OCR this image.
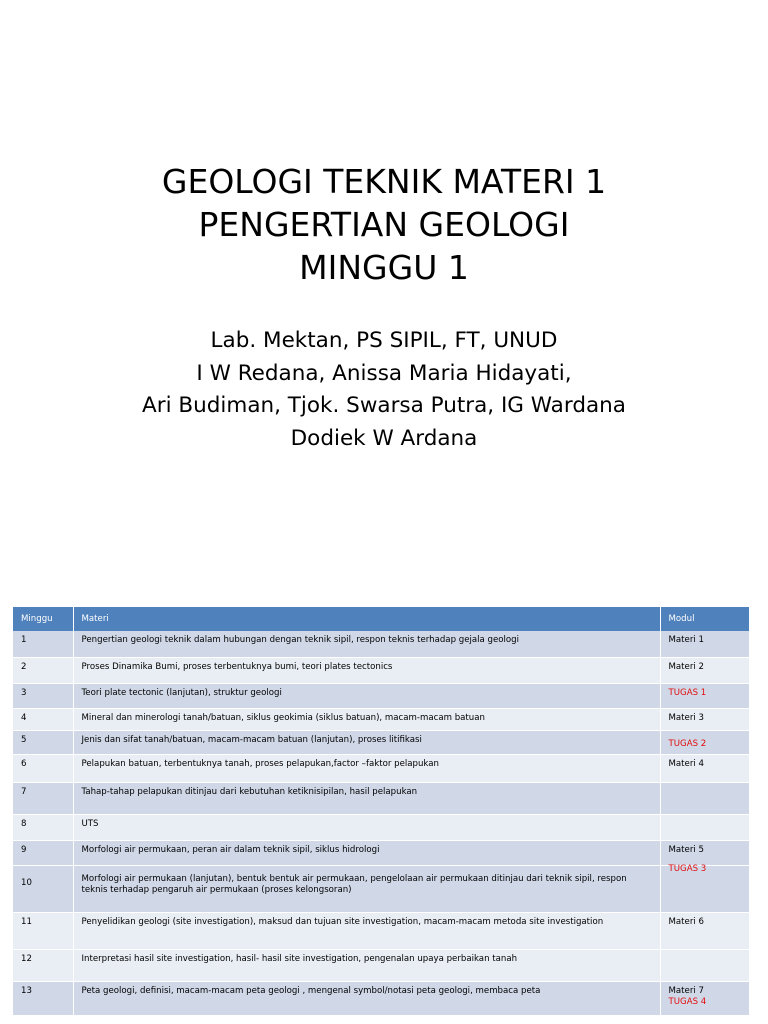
GEOLOGI TEKNIK MATERI 1
PENGERTIAN GEOLOGI
MINGGU 1
Lab. Mektan, PS SIPIL, FT, UNUD
I W Redana, Anissa Maria Hidayati,
Ari Budiman, Tjok. Swarsa Putra, IG Wardana
Dodiek W Ardana
Minggu	Materi	Modul
1	Pengertian geologi teknik dalam hubungan dengan teknik sipil, respon teknis terhadap gejala geologi	Materi 1
2	Proses Dinamika Bumi, proses terbentuknya bumi, teori plates tectonics	Materi 2
3	Teori plate tectonic (lanjutan), struktur geologi	TUGAS 1

4	Mineral dan minerologi tanah/batuan, siklus geokimia (siklus batuan), macam-macam batuan	Materi 3
5	Jenis dan sifat tanah/batuan, macam-macam batuan (lanjutan), proses litifikasi	TUGAS 2

6	Pelapukan batuan, terbentuknya tanah, proses pelapukan,factor –faktor pelapukan	Materi 4
7	Tahap-tahap pelapukan ditinjau dari kebutuhan ketiknisipilan, hasil pelapukan	
8	UTS	
9	Morfologi air permukaan, peran air dalam teknik sipil, siklus hidrologi	Materi 5
10	Morfologi air permukaan (lanjutan), bentuk bentuk air permukaan, pengelolaan air permukaan ditinjau dari teknik sipil, respon teknis terhadap pengaruh air permukaan (proses kelongsoran)	TUGAS 3

11	Penyelidikan geologi (site investigation), maksud dan tujuan site investigation, macam-macam metoda site investigation	Materi 6
12	Interpretasi hasil site investigation, hasil- hasil site investigation, pengenalan upaya perbaikan tanah	
13	Peta geologi, definisi, macam-macam peta geologi , mengenal symbol/notasi peta geologi, membaca peta	Materi 7
TUGAS 4
